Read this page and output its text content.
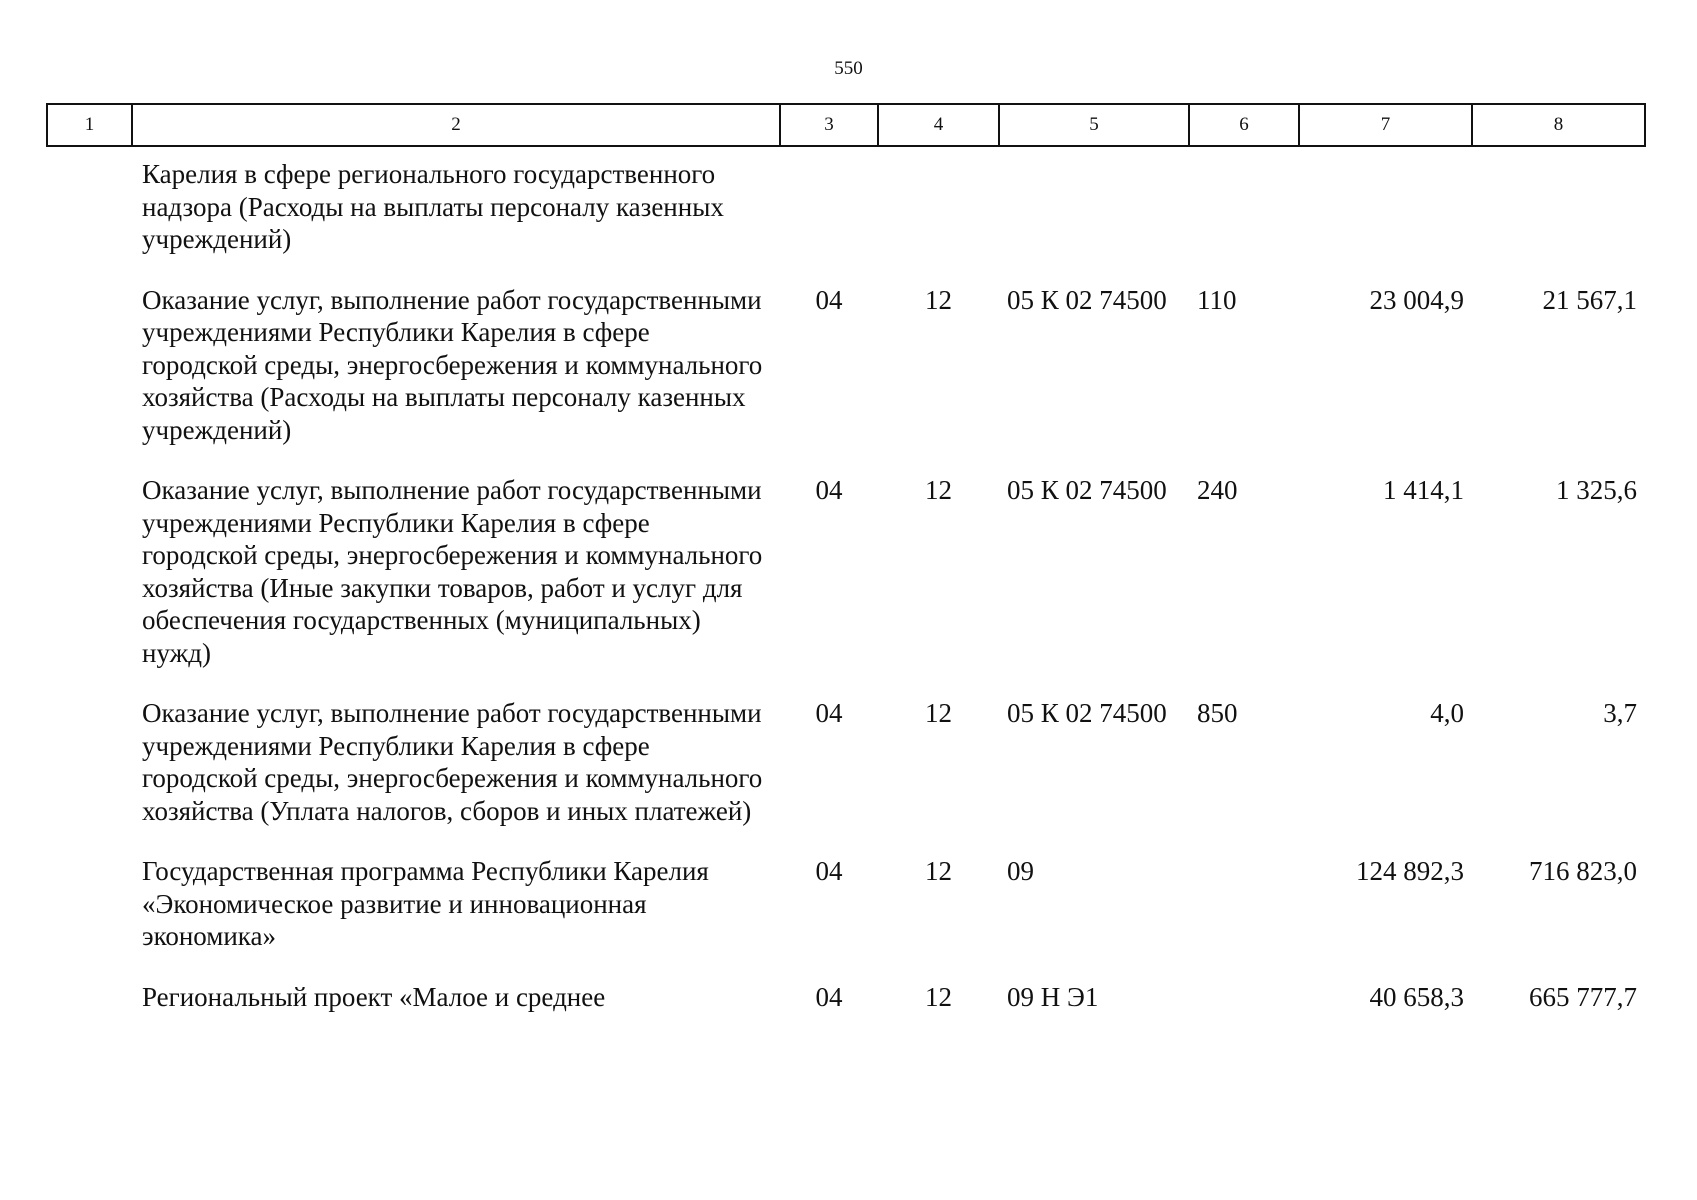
550
1	2	3	4	5	6	7	8
	Карелия в сфере регионального государственного надзора (Расходы на выплаты персоналу казенных учреждений)						
	Оказание услуг, выполнение работ государственными учреждениями Республики Карелия в сфере городской среды, энергосбережения и коммунального хозяйства (Расходы на выплаты персоналу казенных учреждений)	04	12	05 К 02 74500	110	23 004,9	21 567,1
	Оказание услуг, выполнение работ государственными учреждениями Республики Карелия в сфере городской среды, энергосбережения и коммунального хозяйства (Иные закупки товаров, работ и услуг для обеспечения государственных (муниципальных) нужд)	04	12	05 К 02 74500	240	1 414,1	1 325,6
	Оказание услуг, выполнение работ государственными учреждениями Республики Карелия в сфере городской среды, энергосбережения и коммунального хозяйства (Уплата налогов, сборов и иных платежей)	04	12	05 К 02 74500	850	4,0	3,7
	Государственная программа Республики Карелия «Экономическое развитие и инновационная экономика»	04	12	09		124 892,3	716 823,0
	Региональный проект «Малое и среднее	04	12	09 Н Э1		40 658,3	665 777,7
